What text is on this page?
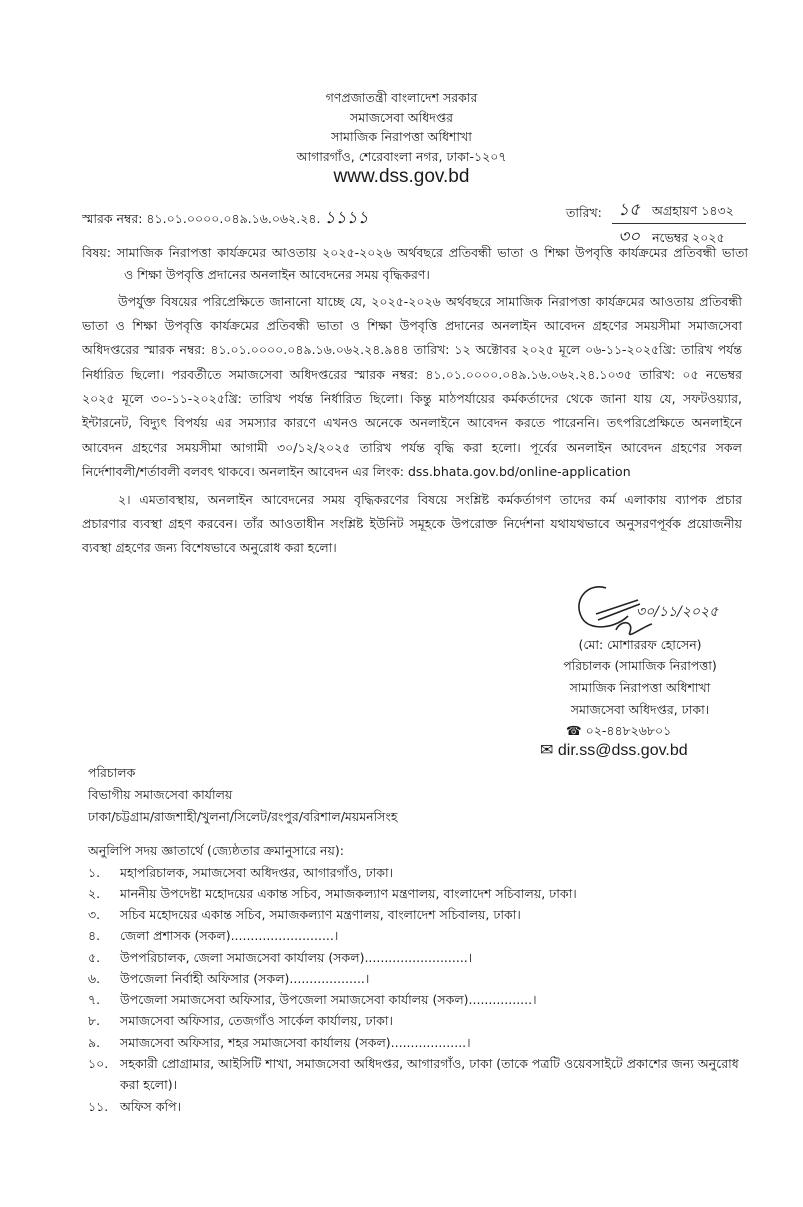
গণপ্রজাতন্ত্রী বাংলাদেশ সরকার
সমাজসেবা অধিদপ্তর
সামাজিক নিরাপত্তা অধিশাখা
আগারগাঁও, শেরেবাংলা নগর, ঢাকা-১২০৭
www.dss.gov.bd
স্মারক নম্বর: ৪১.০১.০০০০.০৪৯.১৬.০৬২.২৪. ১১১১	তারিখ: ১৫ অগ্রহায়ণ ১৪৩২
৩০ নভেম্বর ২০২৫
বিষয়: সামাজিক নিরাপত্তা কার্যক্রমের আওতায় ২০২৫-২০২৬ অর্থবছরে প্রতিবন্ধী ভাতা ও শিক্ষা উপবৃত্তি কার্যক্রমের প্রতিবন্ধী ভাতা
ও শিক্ষা উপবৃত্তি প্রদানের অনলাইন আবেদনের সময় বৃদ্ধিকরণ।
উপর্যুক্ত বিষয়ের পরিপ্রেক্ষিতে জানানো যাচ্ছে যে, ২০২৫-২০২৬ অর্থবছরে সামাজিক নিরাপত্তা কার্যক্রমের আওতায় প্রতিবন্ধী
ভাতা ও শিক্ষা উপবৃত্তি কার্যক্রমের প্রতিবন্ধী ভাতা ও শিক্ষা উপবৃত্তি প্রদানের অনলাইন আবেদন গ্রহণের সময়সীমা সমাজসেবা
অধিদপ্তরের স্মারক নম্বর: ৪১.০১.০০০০.০৪৯.১৬.০৬২.২৪.৯৪৪ তারিখ: ১২ অক্টোবর ২০২৫ মূলে ০৬-১১-২০২৫খ্রি: তারিখ পর্যন্ত
নির্ধারিত ছিলো। পরবর্তীতে সমাজসেবা অধিদপ্তরের স্মারক নম্বর: ৪১.০১.০০০০.০৪৯.১৬.০৬২.২৪.১০৩৫ তারিখ: ০৫ নভেম্বর
২০২৫ মূলে ৩০-১১-২০২৫খ্রি: তারিখ পর্যন্ত নির্ধারিত ছিলো। কিন্তু মাঠপর্যায়ের কর্মকর্তাদের থেকে জানা যায় যে, সফটওয়্যার,
ইন্টারনেট, বিদ্যুৎ বিপর্যয় এর সমস্যার কারণে এখনও অনেকে অনলাইনে আবেদন করতে পারেননি। তৎপরিপ্রেক্ষিতে অনলাইনে
আবেদন গ্রহণের সময়সীমা আগামী ৩০/১২/২০২৫ তারিখ পর্যন্ত বৃদ্ধি করা হলো। পূর্বের অনলাইন আবেদন গ্রহণের সকল
নির্দেশাবলী/শর্তাবলী বলবৎ থাকবে। অনলাইন আবেদন এর লিংক: dss.bhata.gov.bd/online-application
২। এমতাবস্থায়, অনলাইন আবেদনের সময় বৃদ্ধিকরণের বিষয়ে সংশ্লিষ্ট কর্মকর্তাগণ তাদের কর্ম এলাকায় ব্যাপক প্রচার
প্রচারণার ব্যবস্থা গ্রহণ করবেন। তাঁর আওতাধীন সংশ্লিষ্ট ইউনিট সমূহকে উপরোক্ত নির্দেশনা যথাযথভাবে অনুসরণপূর্বক প্রয়োজনীয়
ব্যবস্থা গ্রহণের জন্য বিশেষভাবে অনুরোধ করা হলো।
৩০/১১/২০২৫
(মো: মোশাররফ হোসেন)
পরিচালক (সামাজিক নিরাপত্তা)
সামাজিক নিরাপত্তা অধিশাখা
সমাজসেবা অধিদপ্তর, ঢাকা।
☎ ০২-৪৪৮২৬৮০১
✉ dir.ss@dss.gov.bd
পরিচালক
বিভাগীয় সমাজসেবা কার্যালয়
ঢাকা/চট্টগ্রাম/রাজশাহী/খুলনা/সিলেট/রংপুর/বরিশাল/ময়মনসিংহ
অনুলিপি সদয় জ্ঞাতার্থে (জ্যেষ্ঠতার ক্রমানুসারে নয়):
১. মহাপরিচালক, সমাজসেবা অধিদপ্তর, আগারগাঁও, ঢাকা।
২. মাননীয় উপদেষ্টা মহোদয়ের একান্ত সচিব, সমাজকল্যাণ মন্ত্রণালয়, বাংলাদেশ সচিবালয়, ঢাকা।
৩. সচিব মহোদয়ের একান্ত সচিব, সমাজকল্যাণ মন্ত্রণালয়, বাংলাদেশ সচিবালয়, ঢাকা।
৪. জেলা প্রশাসক (সকল)..........................।
৫. উপপরিচালক, জেলা সমাজসেবা কার্যালয় (সকল)..........................।
৬. উপজেলা নির্বাহী অফিসার (সকল)...................।
৭. উপজেলা সমাজসেবা অফিসার, উপজেলা সমাজসেবা কার্যালয় (সকল)................।
৮. সমাজসেবা অফিসার, তেজগাঁও সার্কেল কার্যালয়, ঢাকা।
৯. সমাজসেবা অফিসার, শহর সমাজসেবা কার্যালয় (সকল)...................।
১০. সহকারী প্রোগ্রামার, আইসিটি শাখা, সমাজসেবা অধিদপ্তর, আগারগাঁও, ঢাকা (তাকে পত্রটি ওয়েবসাইটে প্রকাশের জন্য অনুরোধ
করা হলো)।
১১. অফিস কপি।
